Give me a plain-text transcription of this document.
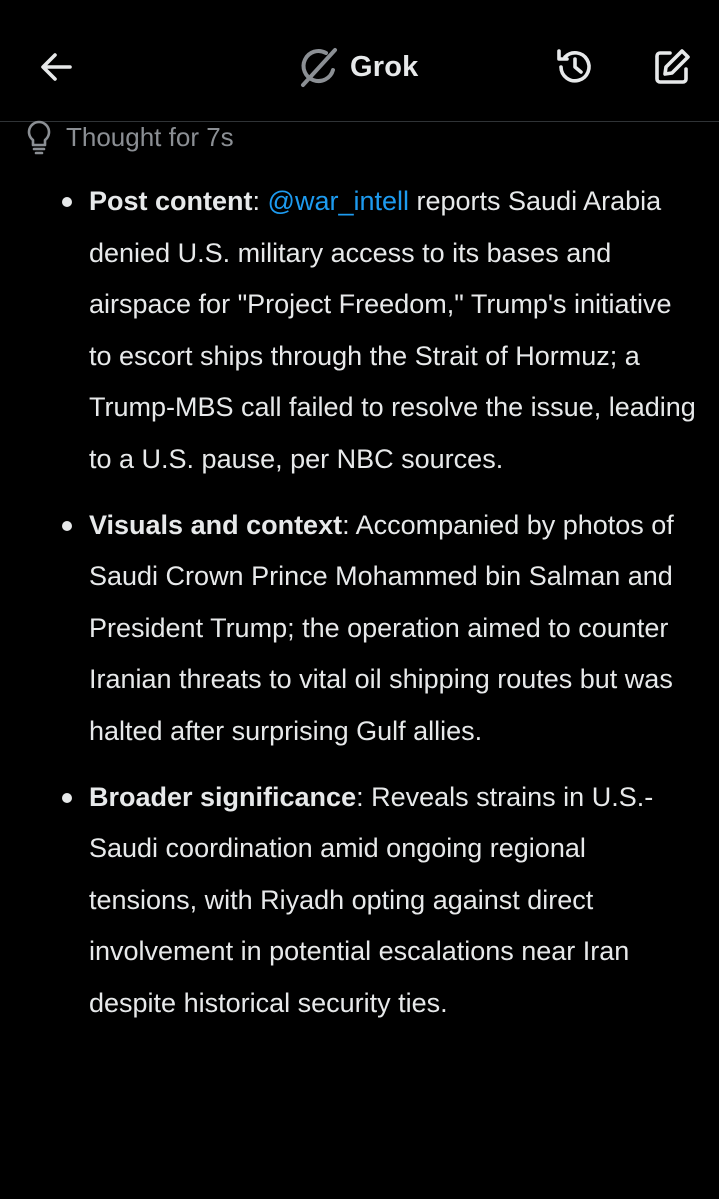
Grok
Thought for 7s
Post content: @war_intell reports Saudi Arabia denied U.S. military access to its bases and airspace for "Project Freedom," Trump's initiative to escort ships through the Strait of Hormuz; a Trump-MBS call failed to resolve the issue, leading to a U.S. pause, per NBC sources.
Visuals and context: Accompanied by photos of Saudi Crown Prince Mohammed bin Salman and President Trump; the operation aimed to counter Iranian threats to vital oil shipping routes but was halted after surprising Gulf allies.
Broader significance: Reveals strains in U.S.-Saudi coordination amid ongoing regional tensions, with Riyadh opting against direct involvement in potential escalations near Iran despite historical security ties.
